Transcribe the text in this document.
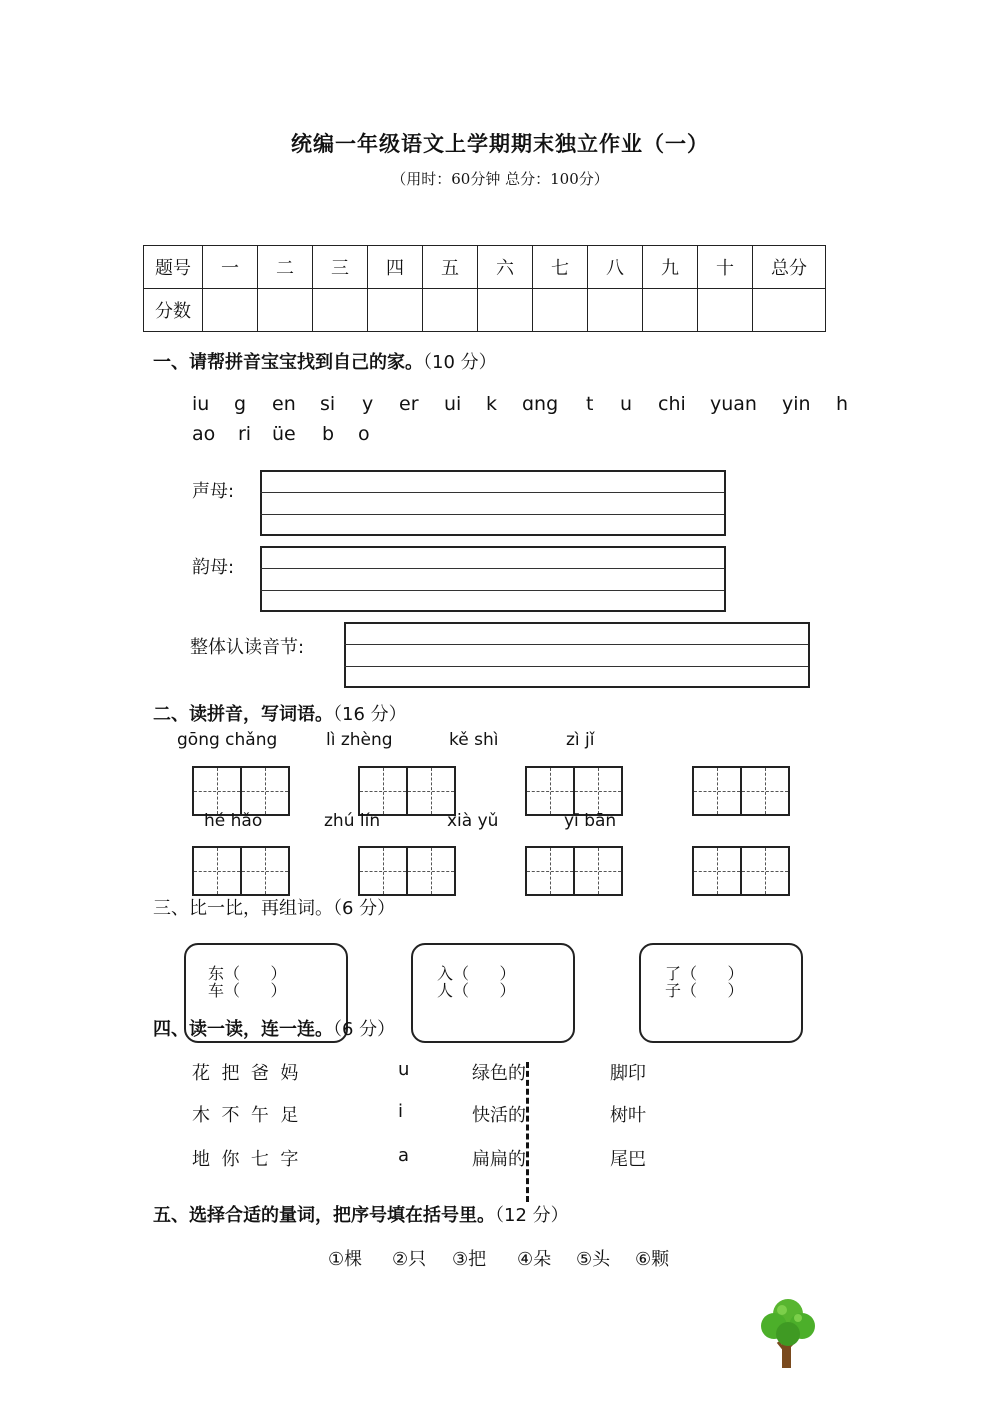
统编一年级语文上学期期末独立作业（一）
（用时：60分钟 总分：100分）
题号	一	二	三	四	五	六	七	八	九	十	总分
分数											
一、请帮拼音宝宝找到自己的家。（10 分）
iu g en si y er ui k ɑng t u chi yuan yin h
ao ri üe b o
声母:
韵母:
整体认读音节:
二、读拼音，写词语。（16 分）
gōng chǎng	lì zhèng	kě shì	zì jǐ
hé hǎo	zhú lín	xià yǔ	yī bān
三、比一比，再组词。（6 分）
东（      ）
车（      ）
入（      ）
人（      ）
了（      ）
子（      ）
四、读一读，连一连。（6 分）
花  把  爸  妈	u	绿色的	脚印
木  不  午  足	i	快活的	树叶
地  你  七  字	a	扁扁的	尾巴
五、选择合适的量词，把序号填在括号里。（12 分）
①棵 ②只 ③把 ④朵 ⑤头 ⑥颗
